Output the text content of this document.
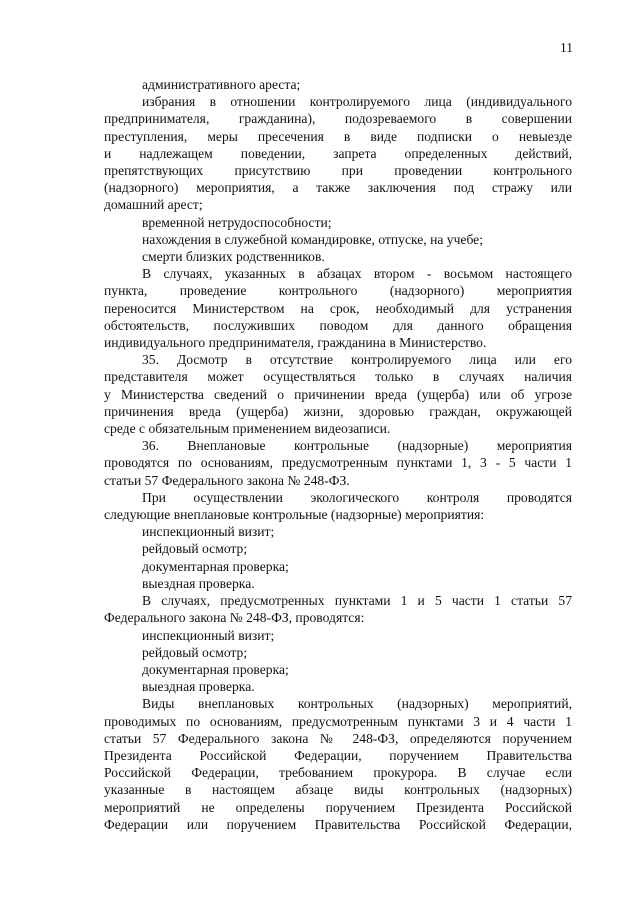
11
административного ареста;
избрания в отношении контролируемого лица (индивидуального
предпринимателя, гражданина), подозреваемого в совершении
преступления, меры пресечения в виде подписки о невыезде
и надлежащем поведении, запрета определенных действий,
препятствующих присутствию при проведении контрольного
(надзорного) мероприятия, а также заключения под стражу или
домашний арест;
временной нетрудоспособности;
нахождения в служебной командировке, отпуске, на учебе;
смерти близких родственников.
В случаях, указанных в абзацах втором - восьмом настоящего
пункта, проведение контрольного (надзорного) мероприятия
переносится Министерством на срок, необходимый для устранения
обстоятельств, послуживших поводом для данного обращения
индивидуального предпринимателя, гражданина в Министерство.
35. Досмотр в отсутствие контролируемого лица или его
представителя может осуществляться только в случаях наличия
у Министерства сведений о причинении вреда (ущерба) или об угрозе
причинения вреда (ущерба) жизни, здоровью граждан, окружающей
среде с обязательным применением видеозаписи.
36. Внеплановые контрольные (надзорные) мероприятия
проводятся по основаниям, предусмотренным пунктами 1, 3 - 5 части 1
статьи 57 Федерального закона № 248-ФЗ.
При осуществлении экологического контроля проводятся
следующие внеплановые контрольные (надзорные) мероприятия:
инспекционный визит;
рейдовый осмотр;
документарная проверка;
выездная проверка.
В случаях, предусмотренных пунктами 1 и 5 части 1 статьи 57
Федерального закона № 248-ФЗ, проводятся:
инспекционный визит;
рейдовый осмотр;
документарная проверка;
выездная проверка.
Виды внеплановых контрольных (надзорных) мероприятий,
проводимых по основаниям, предусмотренным пунктами 3 и 4 части 1
статьи 57 Федерального закона № 248-ФЗ, определяются поручением
Президента Российской Федерации, поручением Правительства
Российской Федерации, требованием прокурора. В случае если
указанные в настоящем абзаце виды контрольных (надзорных)
мероприятий не определены поручением Президента Российской
Федерации или поручением Правительства Российской Федерации,
